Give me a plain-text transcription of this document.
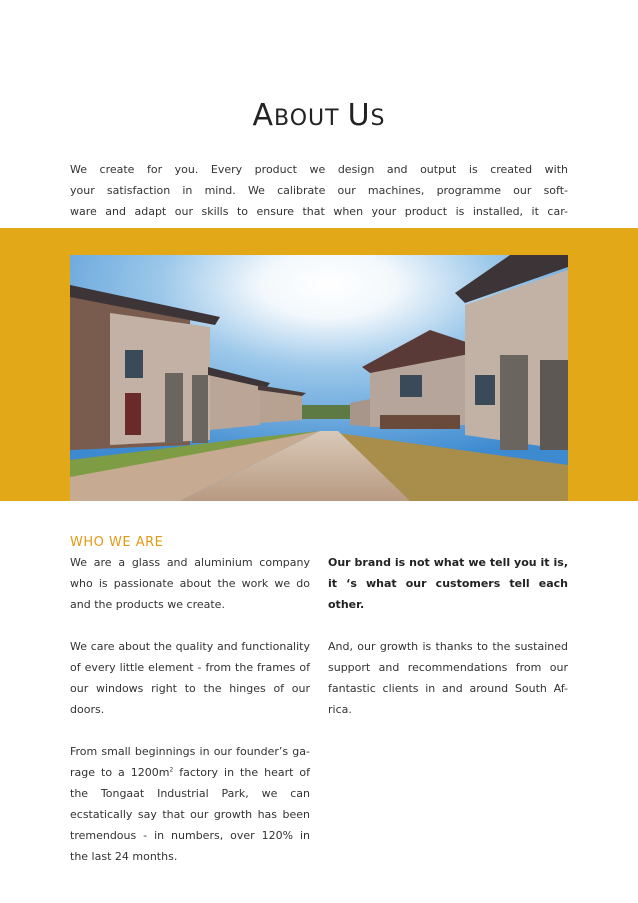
ABOUT US
We create for you. Every product we design and output is created with
your satisfaction in mind. We calibrate our machines, programme our soft-
ware and adapt our skills to ensure that when your product is installed, it car-
WHO WE ARE

We are a glass and aluminium company who is passionate about the work we do and the products we create.

We care about the quality and functionality of every little element - from the frames of our windows right to the hinges of our doors.

From small beginnings in our founder’s ga-rage to a $1200m^2$ factory in the heart of the Tongaat Industrial Park, we can ecstatically say that our growth has been tremendous - in numbers, over 120% in the last 24 months.

Our brand is not what we tell you it is, it ‘s what our customers tell each other.

And, our growth is thanks to the sustained support and recommendations from our fantastic clients in and around South Af-rica.
